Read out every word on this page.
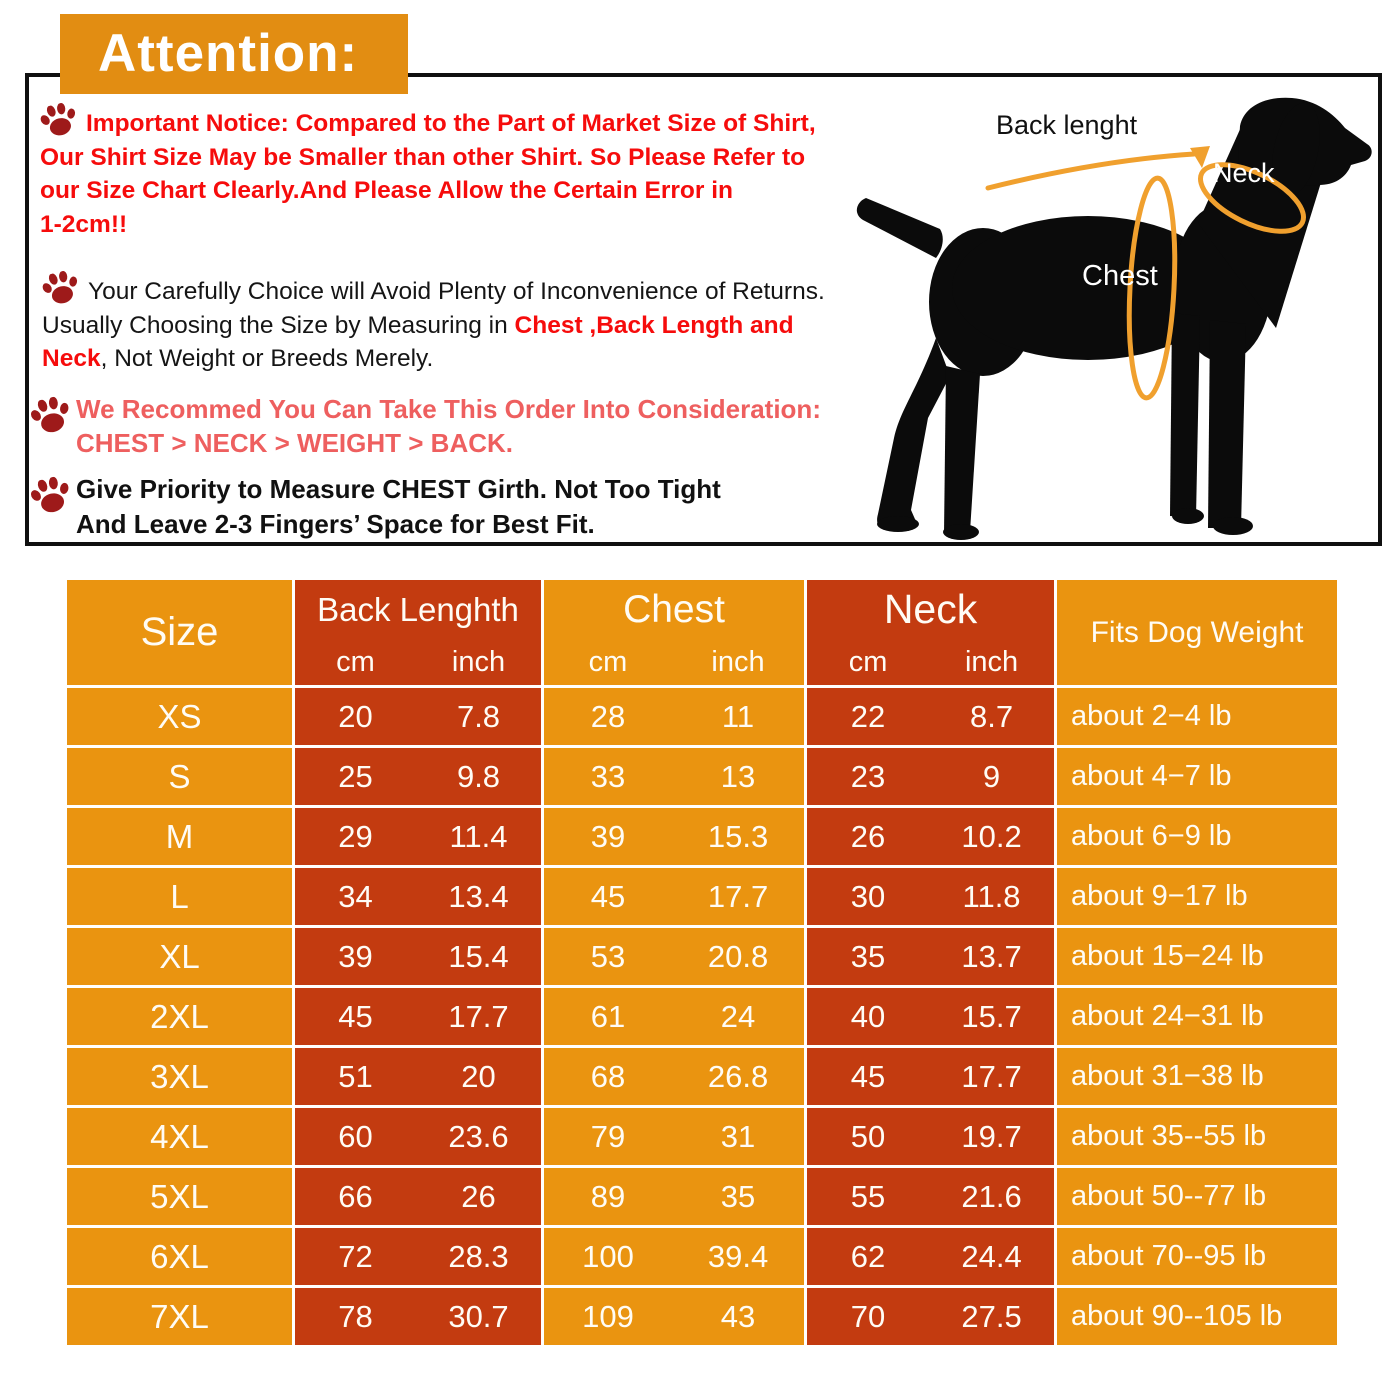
Attention:
Important Notice: Compared to the Part of Market Size of Shirt,
Our Shirt Size May be Smaller than other Shirt. So Please Refer to
our Size Chart Clearly.And Please Allow the Certain Error in
1-2cm!!
Your Carefully Choice will Avoid Plenty of Inconvenience of Returns.
Usually Choosing the Size by Measuring in Chest ,Back Length and
Neck, Not Weight or Breeds Merely.
We Recommed You Can Take This Order Into Consideration:
CHEST > NECK > WEIGHT > BACK.
Give Priority to Measure CHEST Girth. Not Too Tight
And Leave 2-3 Fingers’ Space for Best Fit.
Back lenght
Neck
Chest
Size	Back Lenghth		Chest		Neck		Fits Dog Weight
	cm	inch	cm	inch	cm	inch	
XS	20	7.8	28	11	22	8.7	about 2−4 lb
S	25	9.8	33	13	23	9	about 4−7 lb
M	29	11.4	39	15.3	26	10.2	about 6−9 lb
L	34	13.4	45	17.7	30	11.8	about 9−17 lb
XL	39	15.4	53	20.8	35	13.7	about 15−24 lb
2XL	45	17.7	61	24	40	15.7	about 24−31 lb
3XL	51	20	68	26.8	45	17.7	about 31−38 lb
4XL	60	23.6	79	31	50	19.7	about 35--55 lb
5XL	66	26	89	35	55	21.6	about 50--77 lb
6XL	72	28.3	100	39.4	62	24.4	about 70--95 lb
7XL	78	30.7	109	43	70	27.5	about 90--105 lb
